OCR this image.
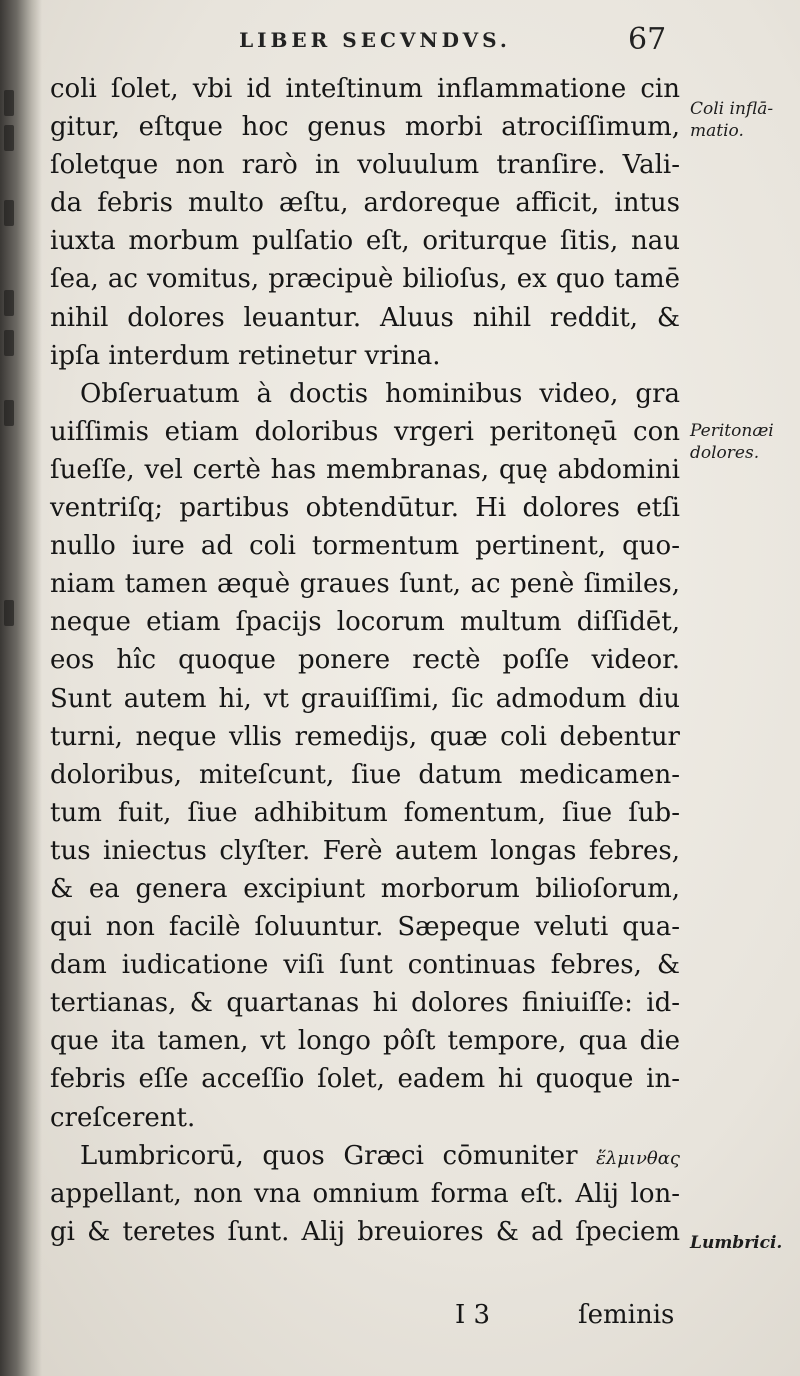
LIBER SECVNDVS.	67
coli ſolet, vbi id inteſtinum inflammatione cin
gitur, eſtque hoc genus morbi atrociſſimum,
ſoletque non rarò in voluulum tranſire. Vali-
da febris multo æſtu, ardoreque afficit, intus
iuxta morbum pulſatio eſt, oriturque ſitis, nau
ſea, ac vomitus, præcipuè bilioſus, ex quo tamē
nihil dolores leuantur. Aluus nihil reddit, &
ipſa interdum retinetur vrina.
Obſeruatum à doctis hominibus video, gra
uiſſimis etiam doloribus vrgeri peritonęū con
ſueſſe, vel certè has membranas, quę abdomini
ventriſq; partibus obtendūtur. Hi dolores etſi
nullo iure ad coli tormentum pertinent, quo-
niam tamen æquè graues ſunt, ac penè ſimiles,
neque etiam ſpacijs locorum multum diſſidēt,
eos hîc quoque ponere rectè poſſe videor.
Sunt autem hi, vt grauiſſimi, ſic admodum diu
turni, neque vllis remedijs, quæ coli debentur
doloribus, miteſcunt, ſiue datum medicamen-
tum fuit, ſiue adhibitum fomentum, ſiue ſub-
tus iniectus clyſter. Ferè autem longas febres,
& ea genera excipiunt morborum bilioſorum,
qui non facilè ſoluuntur. Sæpeque veluti qua-
dam iudicatione viſi ſunt continuas febres, &
tertianas, & quartanas hi dolores finiuiſſe: id-
que ita tamen, vt longo pôſt tempore, qua die
febris eſſe acceſſio ſolet, eadem hi quoque in-
creſcerent.
Lumbricorū, quos Græci cōmuniter ἕλμινθας
appellant, non vna omnium forma eſt. Alij lon-
gi & teretes ſunt. Alij breuiores & ad ſpeciem
Coli inflā-
matio.
Peritonæi
dolores.
Lumbrici.
I 3	ſeminis
